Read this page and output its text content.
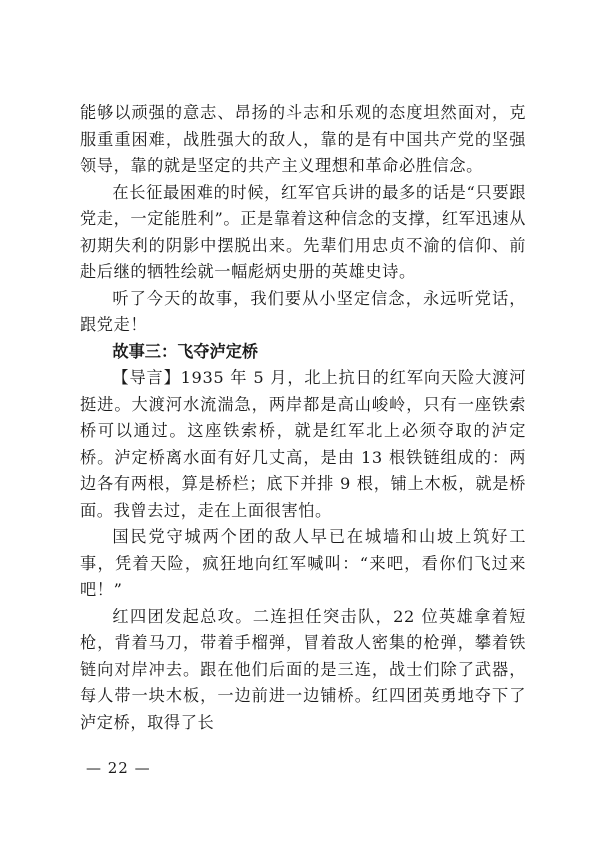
能够以顽强的意志、昂扬的斗志和乐观的态度坦然面对，克服重重困难，战胜强大的敌人，靠的是有中国共产党的坚强领导，靠的就是坚定的共产主义理想和革命必胜信念。

在长征最困难的时候，红军官兵讲的最多的话是“只要跟党走，一定能胜利”。正是靠着这种信念的支撑，红军迅速从初期失利的阴影中摆脱出来。先辈们用忠贞不渝的信仰、前赴后继的牺牲绘就一幅彪炳史册的英雄史诗。

听了今天的故事，我们要从小坚定信念，永远听党话，跟党走！

故事三：飞夺泸定桥

【导言】1935 年 5 月，北上抗日的红军向天险大渡河挺进。大渡河水流湍急，两岸都是高山峻岭，只有一座铁索桥可以通过。这座铁索桥，就是红军北上必须夺取的泸定桥。泸定桥离水面有好几丈高，是由 13 根铁链组成的：两边各有两根，算是桥栏；底下并排 9 根，铺上木板，就是桥面。我曾去过，走在上面很害怕。

国民党守城两个团的敌人早已在城墙和山坡上筑好工事，凭着天险，疯狂地向红军喊叫：“来吧，看你们飞过来吧！”

红四团发起总攻。二连担任突击队，22 位英雄拿着短枪，背着马刀，带着手榴弹，冒着敌人密集的枪弹，攀着铁链向对岸冲去。跟在他们后面的是三连，战士们除了武器，每人带一块木板，一边前进一边铺桥。红四团英勇地夺下了泸定桥，取得了长

— 22 —
